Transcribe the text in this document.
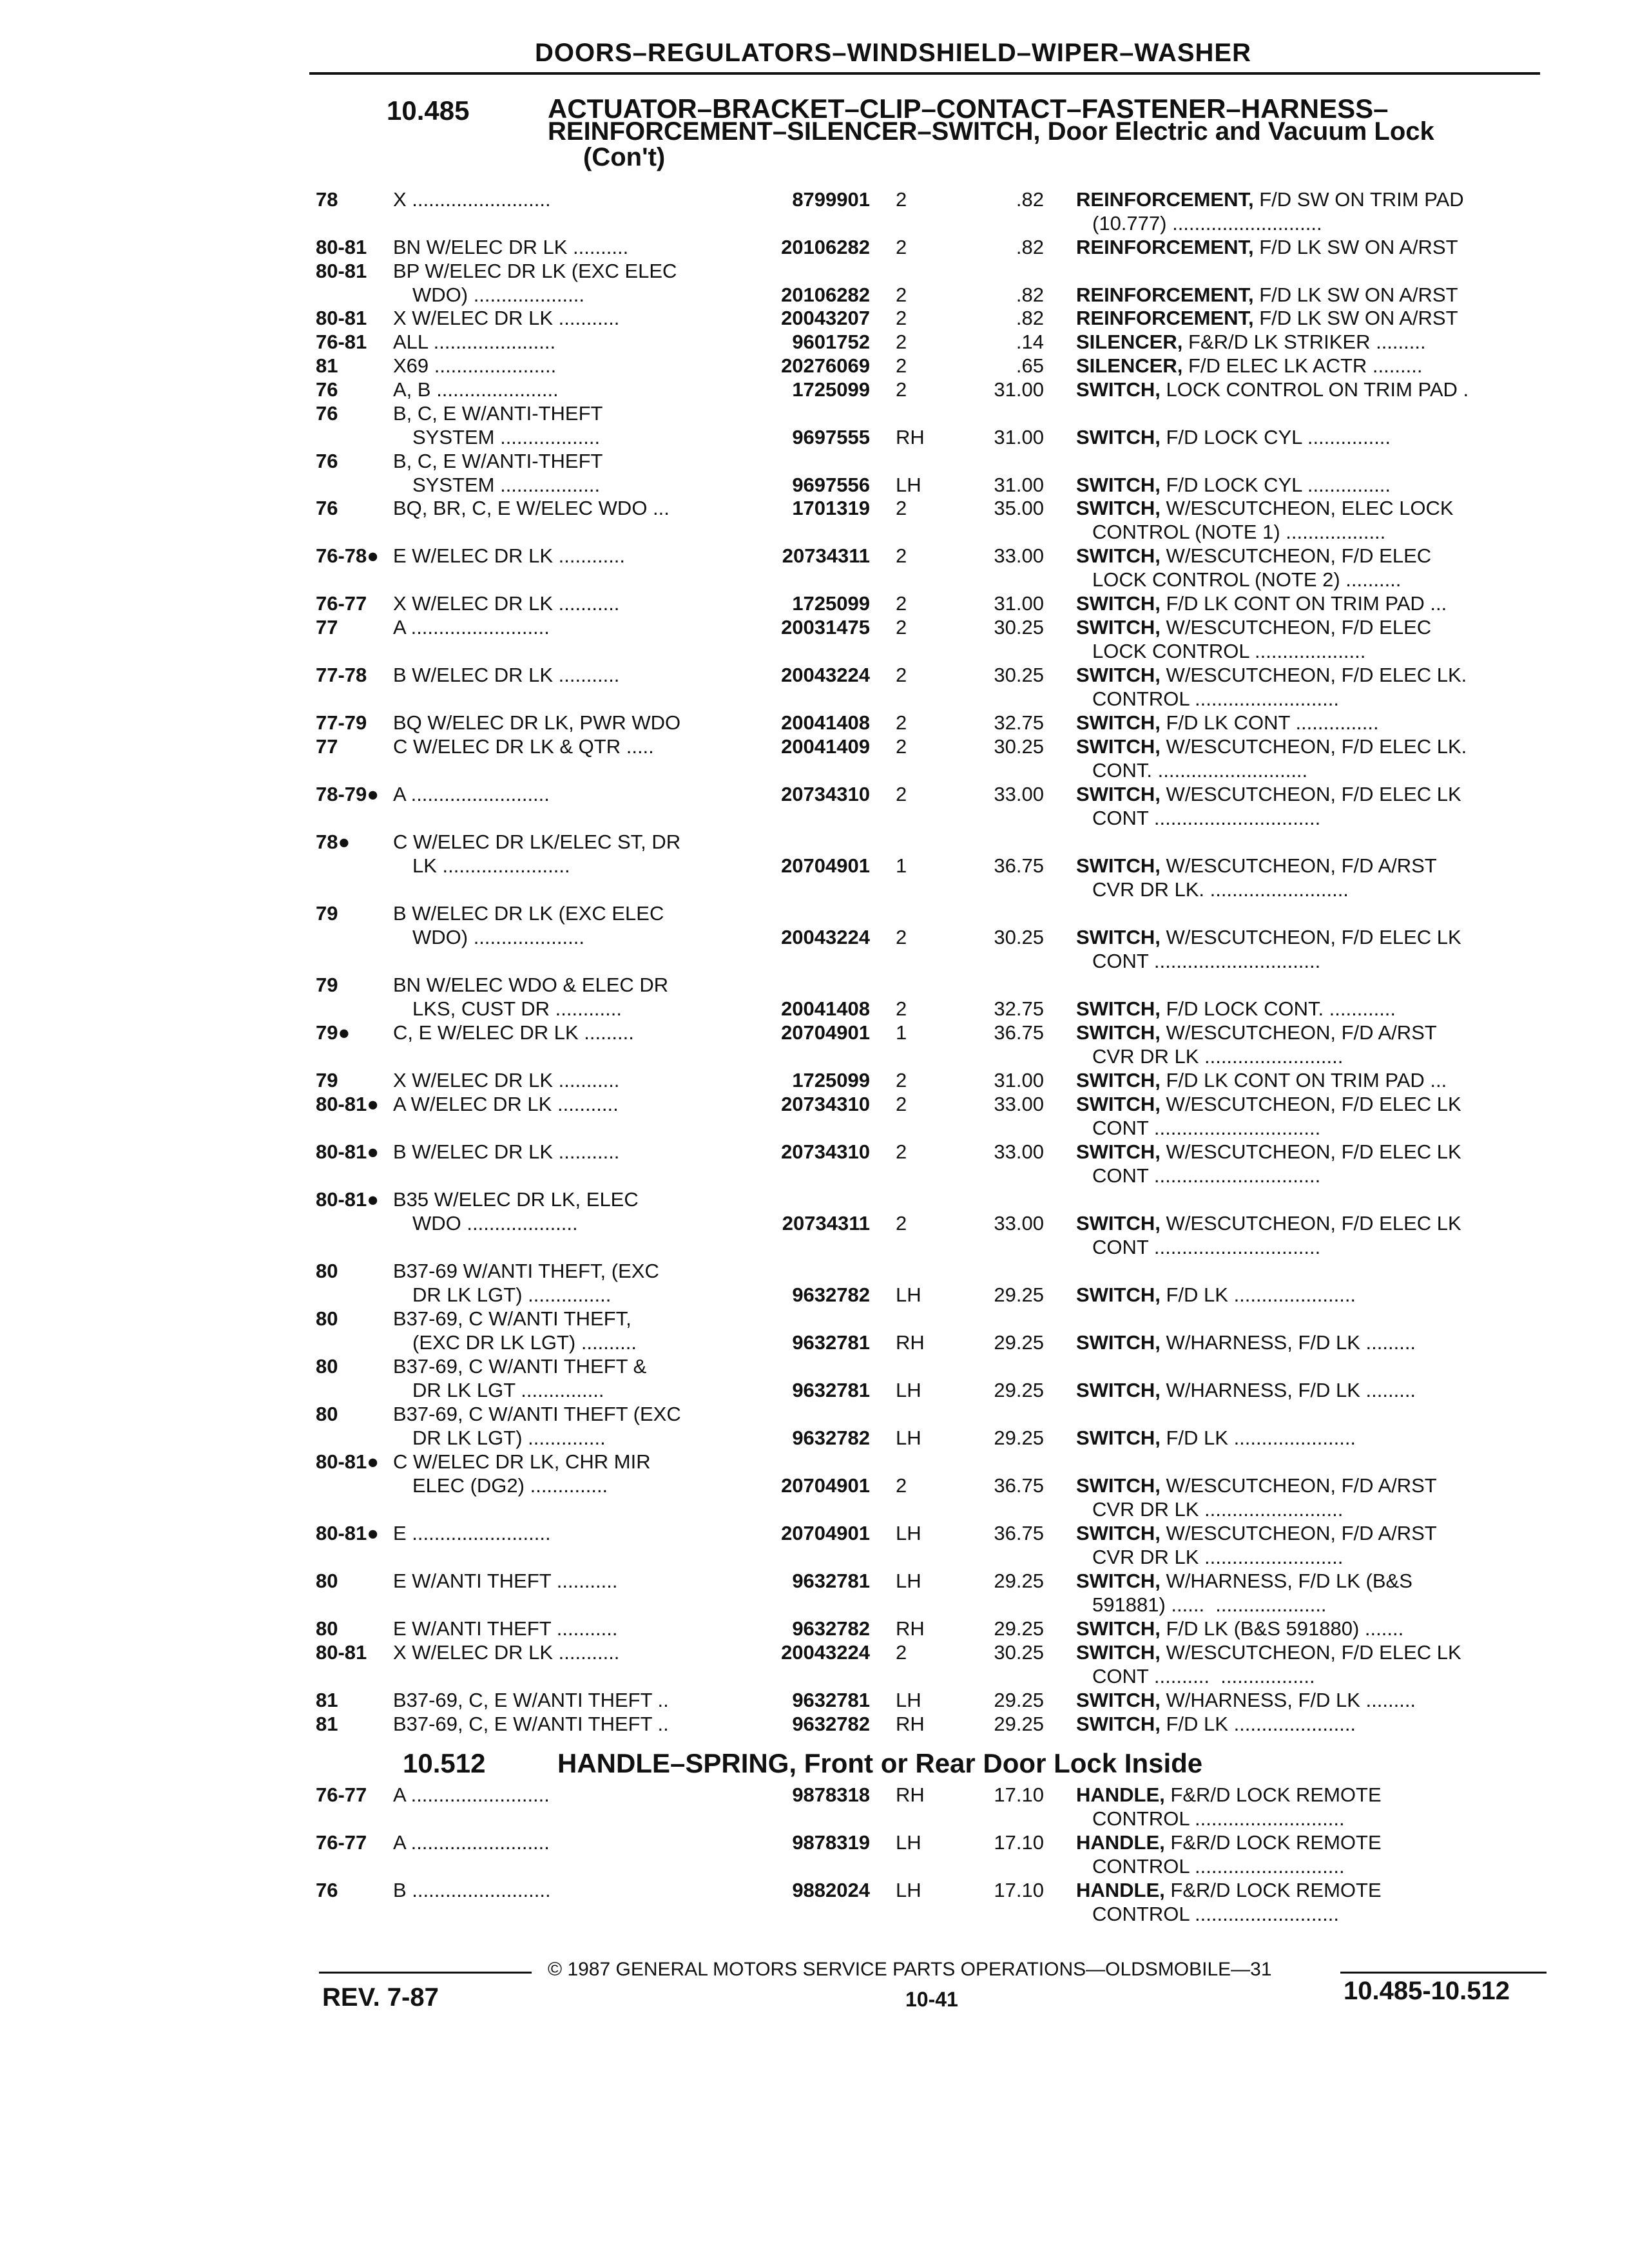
DOORS–REGULATORS–WINDSHIELD–WIPER–WASHER
10.485	ACTUATOR–BRACKET–CLIP–CONTACT–FASTENER–HARNESS–
REINFORCEMENT–SILENCER–SWITCH, Door Electric and Vacuum Lock
(Con't)
78	X .........................	8799901 2	.82 REINFORCEMENT, F/D SW ON TRIM PAD
(10.777) ...........................
80-81 BN W/ELEC DR LK ..........	20106282 2	.82 REINFORCEMENT, F/D LK SW ON A/RST
80-81 BP W/ELEC DR LK (EXC ELEC
WDO) ....................	20106282 2	.82 REINFORCEMENT, F/D LK SW ON A/RST
80-81 X W/ELEC DR LK ...........	20043207 2	.82 REINFORCEMENT, F/D LK SW ON A/RST
76-81 ALL ......................	9601752 2	.14 SILENCER, F&R/D LK STRIKER .........
81	X69 ......................	20276069 2	.65 SILENCER, F/D ELEC LK ACTR .........
76	A, B ......................	1725099 2	31.00 SWITCH, LOCK CONTROL ON TRIM PAD .
76	B, C, E W/ANTI-THEFT
SYSTEM ..................	9697555 RH	31.00 SWITCH, F/D LOCK CYL ...............
76	B, C, E W/ANTI-THEFT
SYSTEM ..................	9697556 LH	31.00 SWITCH, F/D LOCK CYL ...............
76	BQ, BR, C, E W/ELEC WDO ...	1701319 2	35.00 SWITCH, W/ESCUTCHEON, ELEC LOCK
CONTROL (NOTE 1) ..................
76-78● E W/ELEC DR LK ............	20734311 2	33.00 SWITCH, W/ESCUTCHEON, F/D ELEC
LOCK CONTROL (NOTE 2) ..........
76-77 X W/ELEC DR LK ...........	1725099 2	31.00 SWITCH, F/D LK CONT ON TRIM PAD ...
77	A .........................	20031475 2	30.25 SWITCH, W/ESCUTCHEON, F/D ELEC
LOCK CONTROL ....................
77-78 B W/ELEC DR LK ...........	20043224 2	30.25 SWITCH, W/ESCUTCHEON, F/D ELEC LK.
CONTROL ..........................
77-79 BQ W/ELEC DR LK, PWR WDO	20041408 2	32.75 SWITCH, F/D LK CONT ...............
77	C W/ELEC DR LK & QTR .....	20041409 2	30.25 SWITCH, W/ESCUTCHEON, F/D ELEC LK.
CONT. ...........................
78-79● A .........................	20734310 2	33.00 SWITCH, W/ESCUTCHEON, F/D ELEC LK
CONT ..............................
78● C W/ELEC DR LK/ELEC ST, DR
LK .......................	20704901 1	36.75 SWITCH, W/ESCUTCHEON, F/D A/RST
CVR DR LK. .........................
79	B W/ELEC DR LK (EXC ELEC
WDO) ....................	20043224 2	30.25 SWITCH, W/ESCUTCHEON, F/D ELEC LK
CONT ..............................
79	BN W/ELEC WDO & ELEC DR
LKS, CUST DR ............	20041408 2	32.75 SWITCH, F/D LOCK CONT. ............
79● C, E W/ELEC DR LK .........	20704901 1	36.75 SWITCH, W/ESCUTCHEON, F/D A/RST
CVR DR LK .........................
79	X W/ELEC DR LK ...........	1725099 2	31.00 SWITCH, F/D LK CONT ON TRIM PAD ...
80-81● A W/ELEC DR LK ...........	20734310 2	33.00 SWITCH, W/ESCUTCHEON, F/D ELEC LK
CONT ..............................
80-81● B W/ELEC DR LK ...........	20734310 2	33.00 SWITCH, W/ESCUTCHEON, F/D ELEC LK
CONT ..............................
80-81● B35 W/ELEC DR LK, ELEC
WDO ....................	20734311 2	33.00 SWITCH, W/ESCUTCHEON, F/D ELEC LK
CONT ..............................
80	B37-69 W/ANTI THEFT, (EXC
DR LK LGT) ...............	9632782 LH	29.25 SWITCH, F/D LK ......................
80	B37-69, C W/ANTI THEFT,
(EXC DR LK LGT) ..........	9632781 RH	29.25 SWITCH, W/HARNESS, F/D LK .........
80	B37-69, C W/ANTI THEFT &
DR LK LGT ...............	9632781 LH	29.25 SWITCH, W/HARNESS, F/D LK .........
80	B37-69, C W/ANTI THEFT (EXC
DR LK LGT) ..............	9632782 LH	29.25 SWITCH, F/D LK ......................
80-81● C W/ELEC DR LK, CHR MIR
ELEC (DG2) ..............	20704901 2	36.75 SWITCH, W/ESCUTCHEON, F/D A/RST
CVR DR LK .........................
80-81● E .........................	20704901 LH	36.75 SWITCH, W/ESCUTCHEON, F/D A/RST
CVR DR LK .........................
80	E W/ANTI THEFT ...........	9632781 LH	29.25 SWITCH, W/HARNESS, F/D LK (B&S
591881) ......  ....................
80	E W/ANTI THEFT ...........	9632782 RH	29.25 SWITCH, F/D LK (B&S 591880) .......
80-81 X W/ELEC DR LK ...........	20043224 2	30.25 SWITCH, W/ESCUTCHEON, F/D ELEC LK
CONT ..........  .................
81	B37-69, C, E W/ANTI THEFT ..	9632781 LH	29.25 SWITCH, W/HARNESS, F/D LK .........
81	B37-69, C, E W/ANTI THEFT ..	9632782 RH	29.25 SWITCH, F/D LK ......................
10.512	HANDLE–SPRING, Front or Rear Door Lock Inside
76-77 A .........................	9878318 RH	17.10 HANDLE, F&R/D LOCK REMOTE
CONTROL ...........................
76-77 A .........................	9878319 LH	17.10 HANDLE, F&R/D LOCK REMOTE
CONTROL ...........................
76	B .........................	9882024 LH	17.10 HANDLE, F&R/D LOCK REMOTE
CONTROL ..........................
© 1987 GENERAL MOTORS SERVICE PARTS OPERATIONS—OLDSMOBILE—31
REV. 7-87	10-41	10.485-10.512
